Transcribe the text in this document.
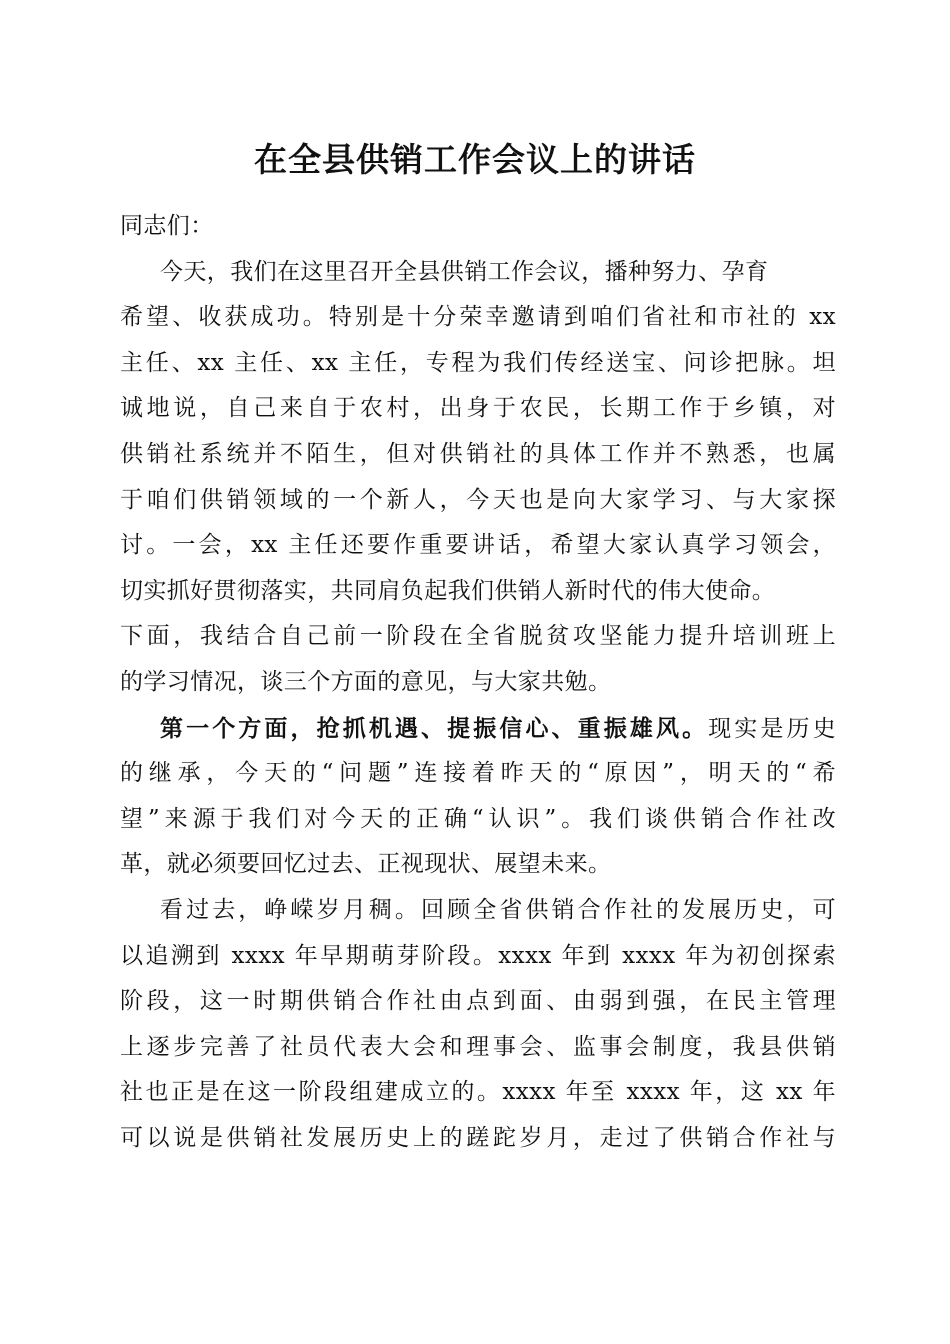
在全县供销工作会议上的讲话
同志们：
今天，我们在这里召开全县供销工作会议，播种努力、孕育
希望、收获成功。特别是十分荣幸邀请到咱们省社和市社的 xx
主任、xx 主任、xx 主任，专程为我们传经送宝、问诊把脉。坦
诚地说，自己来自于农村，出身于农民，长期工作于乡镇，对
供销社系统并不陌生，但对供销社的具体工作并不熟悉，也属
于咱们供销领域的一个新人，今天也是向大家学习、与大家探
讨。一会，xx 主任还要作重要讲话，希望大家认真学习领会，
切实抓好贯彻落实，共同肩负起我们供销人新时代的伟大使命。
下面，我结合自己前一阶段在全省脱贫攻坚能力提升培训班上
的学习情况，谈三个方面的意见，与大家共勉。
第一个方面，抢抓机遇、提振信心、重振雄风。现实是历史
的继承，今天的“问题”连接着昨天的“原因”，明天的“希
望”来源于我们对今天的正确“认识”。我们谈供销合作社改
革，就必须要回忆过去、正视现状、展望未来。
看过去，峥嵘岁月稠。回顾全省供销合作社的发展历史，可
以追溯到 xxxx 年早期萌芽阶段。xxxx 年到 xxxx 年为初创探索
阶段，这一时期供销合作社由点到面、由弱到强，在民主管理
上逐步完善了社员代表大会和理事会、监事会制度，我县供销
社也正是在这一阶段组建成立的。xxxx 年至 xxxx 年，这 xx 年
可以说是供销社发展历史上的蹉跎岁月，走过了供销合作社与
